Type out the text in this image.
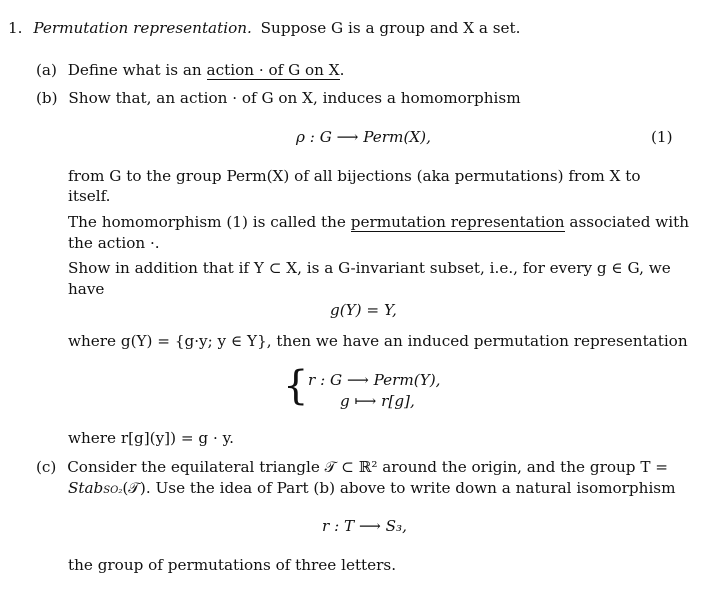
1. Permutation representation. Suppose G is a group and X a set.
(a) Define what is an action · of G on X.
(b) Show that, an action · of G on X, induces a homomorphism
ρ : G ⟶ Perm(X),	(1)
from G to the group Perm(X) of all bijections (aka permutations) from X to
itself.
The homomorphism (1) is called the permutation representation associated with
the action ·.
Show in addition that if Y ⊂ X, is a G-invariant subset, i.e., for every g ∈ G, we
have
g(Y) = Y,
where g(Y) = {g·y; y ∈ Y}, then we have an induced permutation representation
{ r : G ⟶ Perm(Y),
g ⟼ r[g],
where r[g](y]) = g · y.
(c) Consider the equilateral triangle 𝒯 ⊂ ℝ² around the origin, and the group T =
StabSO₂(𝒯). Use the idea of Part (b) above to write down a natural isomorphism
r : T ⟶ S₃,
the group of permutations of three letters.
